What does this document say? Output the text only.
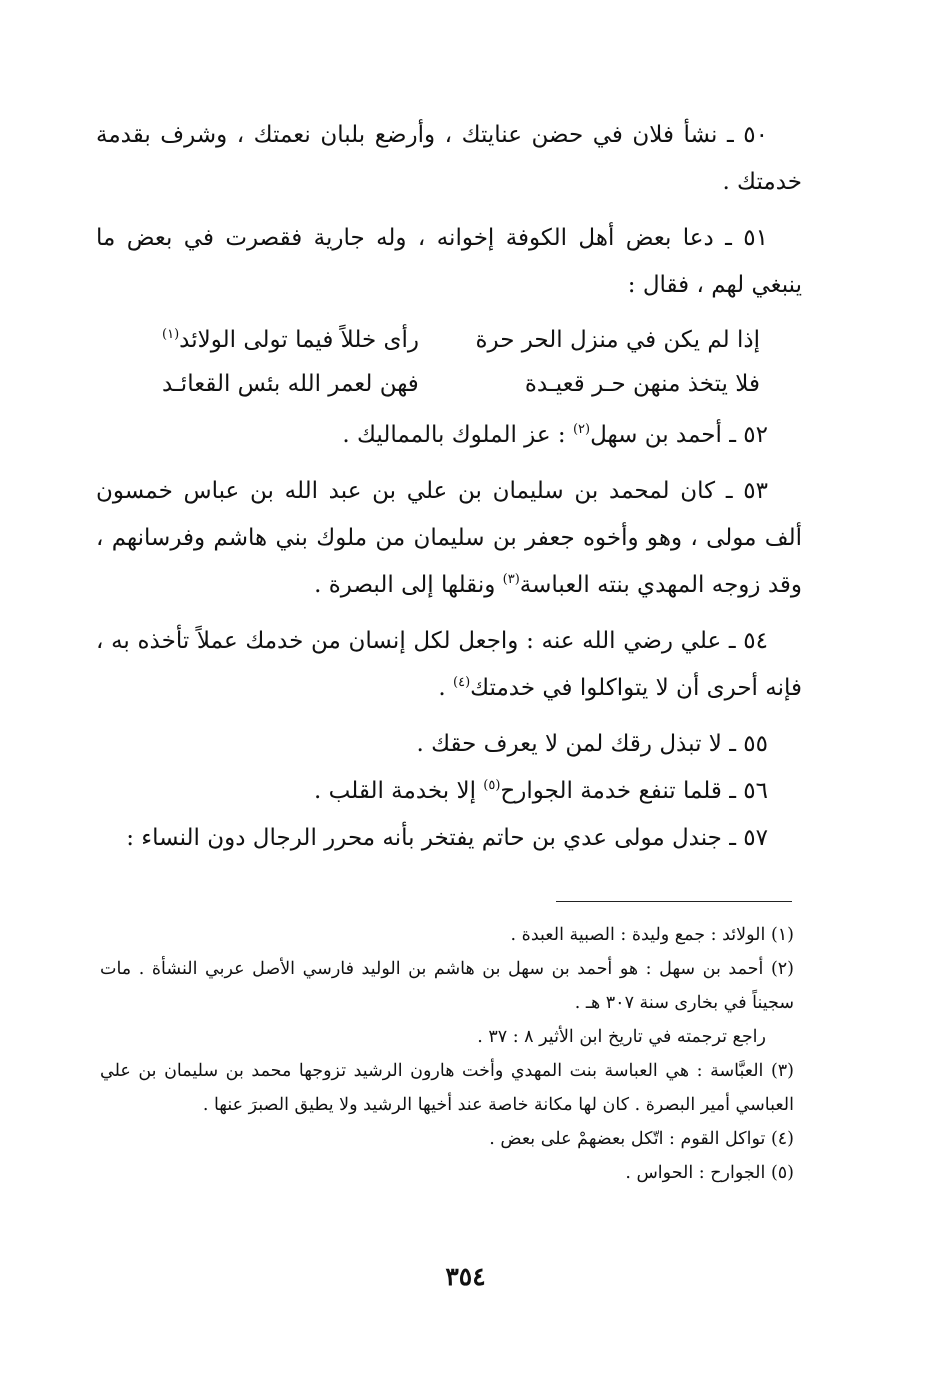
٥٠ ـ نشأ فلان في حضن عنايتك ، وأرضع بلبان نعمتك ، وشرف بقدمة خدمتك .

٥١ ـ دعا بعض أهل الكوفة إخوانه ، وله جارية فقصرت في بعض ما ينبغي لهم ، فقال :

إذا لم يكن في منزل الحر حرة
رأى خللاً فيما تولى الولائد$^{(١)}$
فلا يتخذ منهن حـر قعيـدة
فهن لعمر الله بئس القعائـد

٥٢ ـ أحمد بن سهل$^{(٢)}$ : عز الملوك بالمماليك .

٥٣ ـ كان لمحمد بن سليمان بن علي بن عبد الله بن عباس خمسون ألف مولى ، وهو وأخوه جعفر بن سليمان من ملوك بني هاشم وفرسانهم ، وقد زوجه المهدي بنته العباسة$^{(٣)}$ ونقلها إلى البصرة .

٥٤ ـ علي رضي الله عنه : واجعل لكل إنسان من خدمك عملاً تأخذه به ، فإنه أحرى أن لا يتواكلوا في خدمتك$^{(٤)}$ .

٥٥ ـ لا تبذل رقك لمن لا يعرف حقك .

٥٦ ـ قلما تنفع خدمة الجوارح$^{(٥)}$ إلا بخدمة القلب .

٥٧ ـ جندل مولى عدي بن حاتم يفتخر بأنه محرر الرجال دون النساء :

(١) الولائد : جمع وليدة : الصبية العبدة .

(٢) أحمد بن سهل : هو أحمد بن سهل بن هاشم بن الوليد فارسي الأصل عربي النشأة . مات سجيناً في بخارى سنة ٣٠٧ هـ .

راجع ترجمته في تاريخ ابن الأثير ٨ : ٣٧ .

(٣) العبَّاسة : هي العباسة بنت المهدي وأخت هارون الرشيد تزوجها محمد بن سليمان بن علي العباسي أمير البصرة . كان لها مكانة خاصة عند أخيها الرشيد ولا يطيق الصبرَ عنها .

(٤) تواكل القوم : اتّكل بعضهمْ على بعض .

(٥) الجوارح : الحواس .

٣٥٤
